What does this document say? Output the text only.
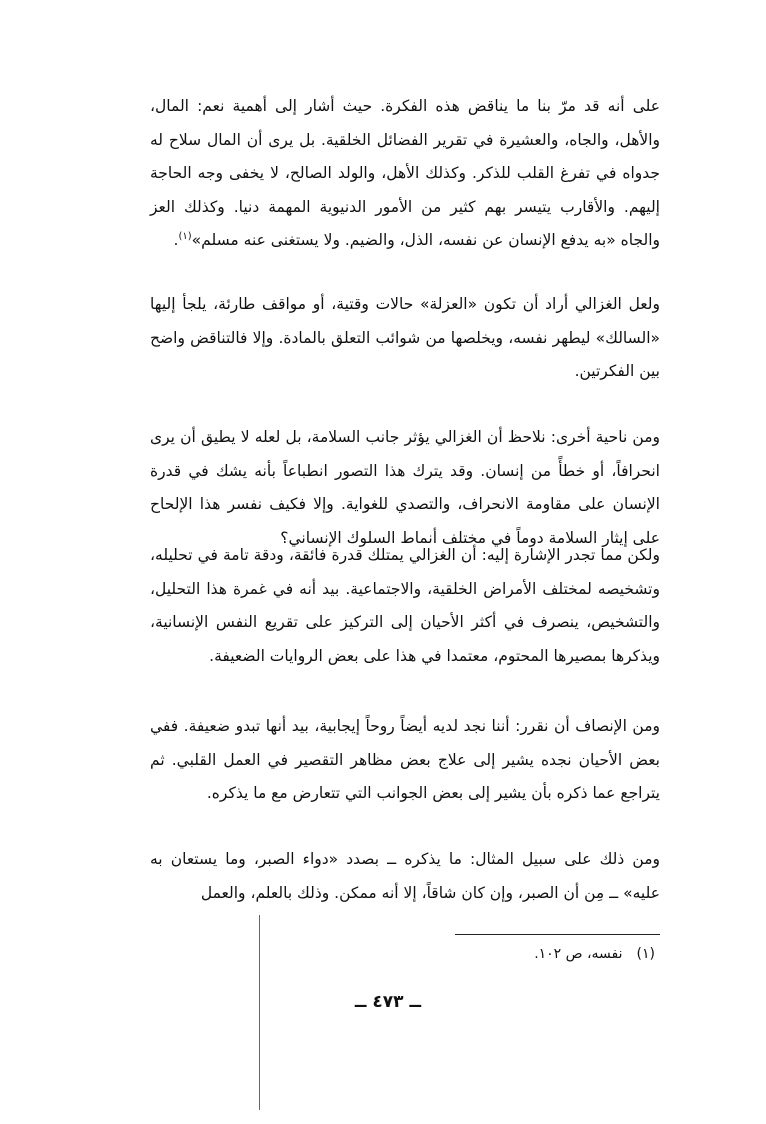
على أنه قد مرّ بنا ما يناقض هذه الفكرة. حيث أشار إلى أهمية نعم: المال، والأهل، والجاه، والعشيرة في تقرير الفضائل الخلقية. بل يرى أن المال سلاح له جدواه في تفرغ القلب للذكر. وكذلك الأهل، والولد الصالح، لا يخفى وجه الحاجة إليهم. والأقارب يتيسر بهم كثير من الأمور الدنيوية المهمة دنيا. وكذلك العز والجاه «به يدفع الإنسان عن نفسه، الذل، والضيم. ولا يستغنى عنه مسلم»$^{(١)}$.

ولعل الغزالي أراد أن تكون «العزلة» حالات وقتية، أو مواقف طارئة، يلجأ إليها «السالك» ليطهر نفسه، ويخلصها من شوائب التعلق بالمادة. وإلا فالتناقض واضح بين الفكرتين.

ومن ناحية أخرى: نلاحظ أن الغزالي يؤثر جانب السلامة، بل لعله لا يطيق أن يرى انحرافاً، أو خطأً من إنسان. وقد يترك هذا التصور انطباعاً بأنه يشك في قدرة الإنسان على مقاومة الانحراف، والتصدي للغواية. وإلا فكيف نفسر هذا الإلحاح على إيثار السلامة دوماً في مختلف أنماط السلوك الإنساني؟

ولكن مما تجدر الإشارة إليه: أن الغزالي يمتلك قدرة فائقة، ودقة تامة في تحليله، وتشخيصه لمختلف الأمراض الخلقية، والاجتماعية. بيد أنه في غمرة هذا التحليل، والتشخيص، ينصرف في أكثر الأحيان إلى التركيز على تقريع النفس الإنسانية، ويذكرها بمصيرها المحتوم، معتمدا في هذا على بعض الروايات الضعيفة.

ومن الإنصاف أن نقرر: أننا نجد لديه أيضاً روحاً إيجابية، بيد أنها تبدو ضعيفة. ففي بعض الأحيان نجده يشير إلى علاج بعض مظاهر التقصير في العمل القلبي. ثم يتراجع عما ذكره بأن يشير إلى بعض الجوانب التي تتعارض مع ما يذكره.

ومن ذلك على سبيل المثال: ما يذكره ــ بصدد «دواء الصبر، وما يستعان به عليه» ــ مِن أن الصبر، وإن كان شاقاً، إلا أنه ممكن. وذلك بالعلم، والعمل

(١)نفسه، ص ١٠٢.
ــ ٤٧٣ ــ
